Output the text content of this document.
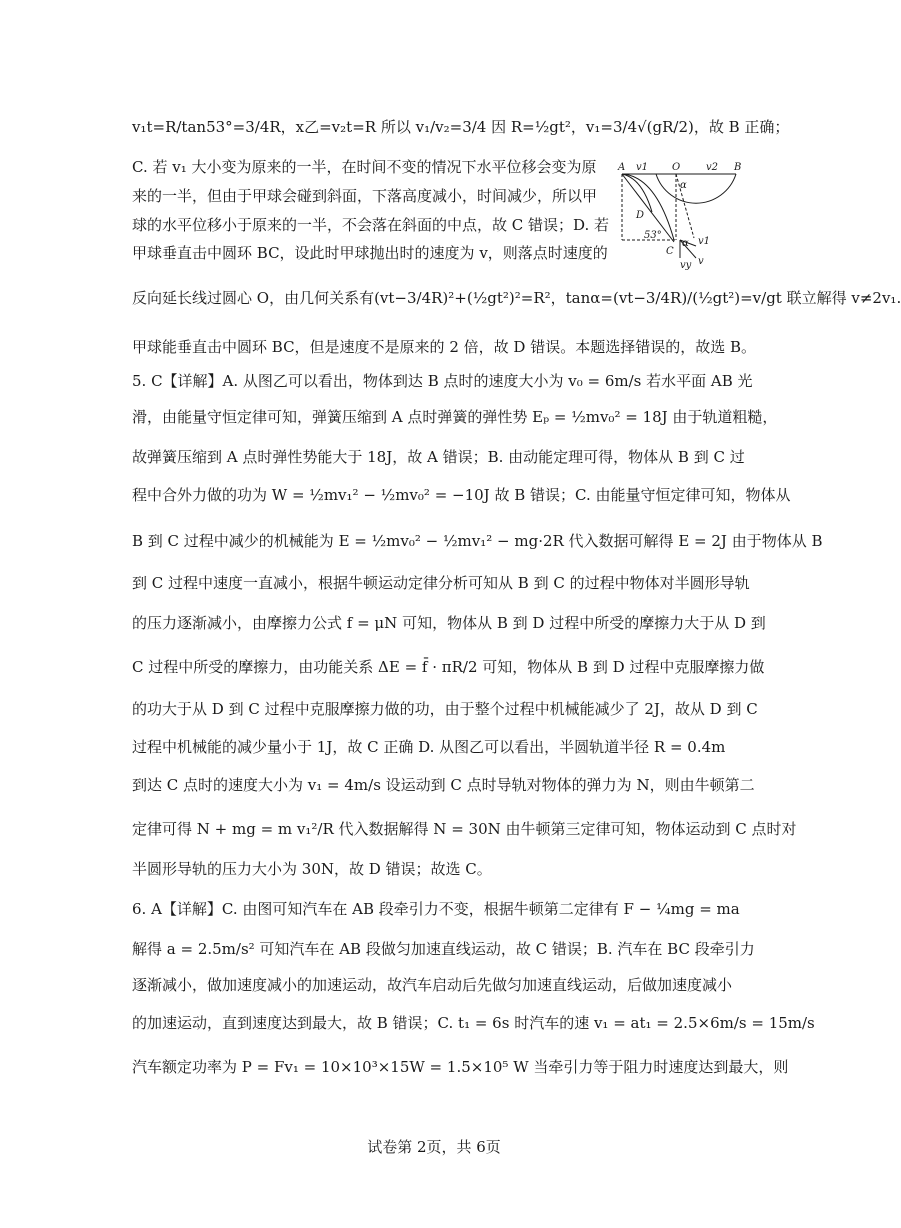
v₁t=R/tan53°=3/4R，x乙=v₂t=R 所以 v₁/v₂=3/4 因 R=½gt²，v₁=3/4√(gR/2)，故 B 正确；
C. 若 v₁ 大小变为原来的一半，在时间不变的情况下水平位移会变为原
来的一半，但由于甲球会碰到斜面，下落高度减小，时间减少，所以甲
球的水平位移小于原来的一半，不会落在斜面的中点，故 C 错误；D. 若
甲球垂直击中圆环 BC，设此时甲球抛出时的速度为 v，则落点时速度的
反向延长线过圆心 O，由几何关系有(vt−3/4R)²+(½gt²)²=R²，tanα=(vt−3/4R)/(½gt²)=v/gt 联立解得 v≠2v₁.
甲球能垂直击中圆环 BC，但是速度不是原来的 2 倍，故 D 错误。本题选择错误的，故选 B。
5. C【详解】A. 从图乙可以看出，物体到达 B 点时的速度大小为 v₀ = 6m/s 若水平面 AB 光
滑，由能量守恒定律可知，弹簧压缩到 A 点时弹簧的弹性势 Eₚ = ½mv₀² = 18J 由于轨道粗糙，
故弹簧压缩到 A 点时弹性势能大于 18J，故 A 错误；B. 由动能定理可得，物体从 B 到 C 过
程中合外力做的功为 W = ½mv₁² − ½mv₀² = −10J 故 B 错误；C. 由能量守恒定律可知，物体从
B 到 C 过程中减少的机械能为 E = ½mv₀² − ½mv₁² − mg·2R 代入数据可解得 E = 2J 由于物体从 B
到 C 过程中速度一直减小，根据牛顿运动定律分析可知从 B 到 C 的过程中物体对半圆形导轨
的压力逐渐减小，由摩擦力公式 f = μN 可知，物体从 B 到 D 过程中所受的摩擦力大于从 D 到
C 过程中所受的摩擦力，由功能关系 ΔE = f̄ · πR/2 可知，物体从 B 到 D 过程中克服摩擦力做
的功大于从 D 到 C 过程中克服摩擦力做的功，由于整个过程中机械能减少了 2J，故从 D 到 C
过程中机械能的减少量小于 1J，故 C 正确 D. 从图乙可以看出，半圆轨道半径 R = 0.4m
到达 C 点时的速度大小为 v₁ = 4m/s 设运动到 C 点时导轨对物体的弹力为 N，则由牛顿第二
定律可得 N + mg = m v₁²/R 代入数据解得 N = 30N 由牛顿第三定律可知，物体运动到 C 点时对
半圆形导轨的压力大小为 30N，故 D 错误；故选 C。
6. A【详解】C. 由图可知汽车在 AB 段牵引力不变，根据牛顿第二定律有 F − ¼mg = ma
解得 a = 2.5m/s² 可知汽车在 AB 段做匀加速直线运动，故 C 错误；B. 汽车在 BC 段牵引力
逐渐减小，做加速度减小的加速运动，故汽车启动后先做匀加速直线运动，后做加速度减小
的加速运动，直到速度达到最大，故 B 错误；C. t₁ = 6s 时汽车的速 v₁ = at₁ = 2.5×6m/s = 15m/s
汽车额定功率为 P = Fv₁ = 10×10³×15W = 1.5×10⁵ W 当牵引力等于阻力时速度达到最大，则
A v1 O	v2 B
α
D
53°
C
α v1
vy v
试卷第 2页，共 6页
